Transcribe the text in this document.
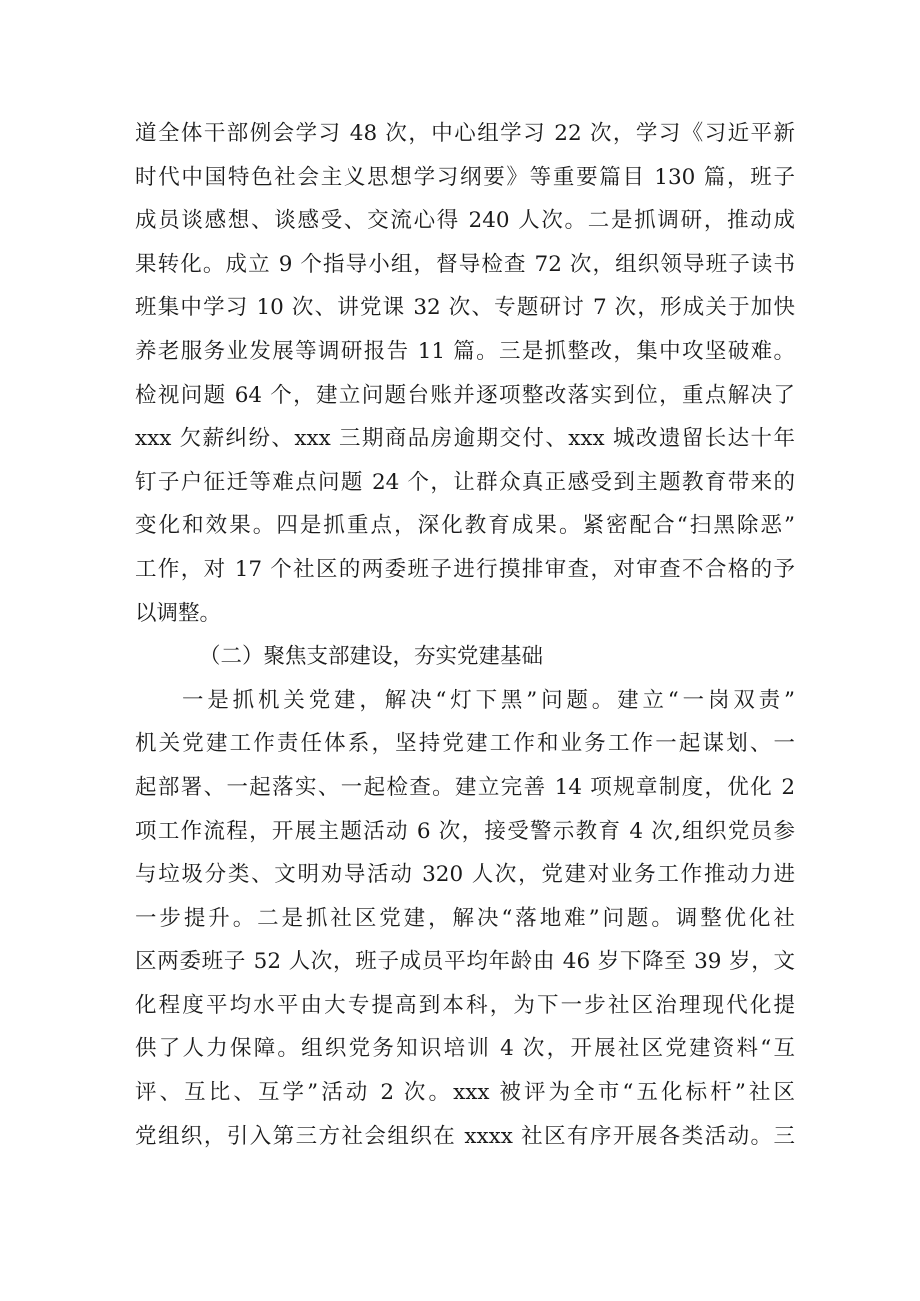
道全体干部例会学习 48 次，中心组学习 22 次，学习《习近平新
时代中国特色社会主义思想学习纲要》等重要篇目 130 篇，班子
成员谈感想、谈感受、交流心得 240 人次。二是抓调研，推动成
果转化。成立 9 个指导小组，督导检查 72 次，组织领导班子读书
班集中学习 10 次、讲党课 32 次、专题研讨 7 次，形成关于加快
养老服务业发展等调研报告 11 篇。三是抓整改，集中攻坚破难。
检视问题 64 个，建立问题台账并逐项整改落实到位，重点解决了
xxx 欠薪纠纷、xxx 三期商品房逾期交付、xxx 城改遗留长达十年
钉子户征迁等难点问题 24 个，让群众真正感受到主题教育带来的
变化和效果。四是抓重点，深化教育成果。紧密配合“扫黑除恶”
工作，对 17 个社区的两委班子进行摸排审查，对审查不合格的予
以调整。
（二）聚焦支部建设，夯实党建基础
一是抓机关党建，解决“灯下黑”问题。建立“一岗双责”
机关党建工作责任体系，坚持党建工作和业务工作一起谋划、一
起部署、一起落实、一起检查。建立完善 14 项规章制度，优化 2
项工作流程，开展主题活动 6 次，接受警示教育 4 次,组织党员参
与垃圾分类、文明劝导活动 320 人次，党建对业务工作推动力进
一步提升。二是抓社区党建，解决“落地难”问题。调整优化社
区两委班子 52 人次，班子成员平均年龄由 46 岁下降至 39 岁，文
化程度平均水平由大专提高到本科，为下一步社区治理现代化提
供了人力保障。组织党务知识培训 4 次，开展社区党建资料“互
评、互比、互学”活动 2 次。xxx 被评为全市“五化标杆”社区
党组织，引入第三方社会组织在 xxxx 社区有序开展各类活动。三
